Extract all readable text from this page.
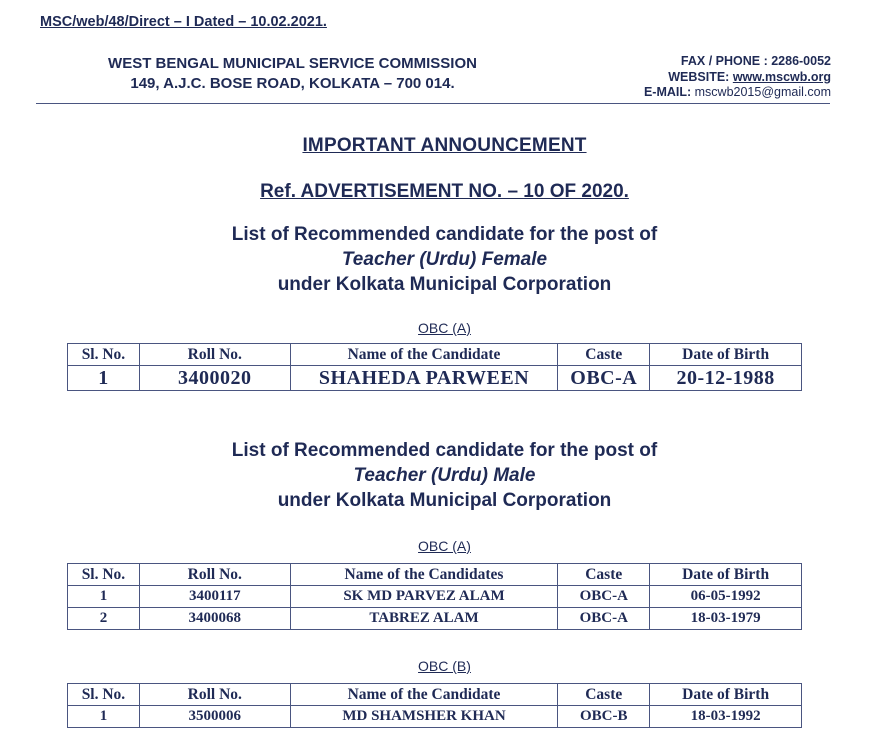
MSC/web/48/Direct – I Dated – 10.02.2021.
WEST BENGAL MUNICIPAL SERVICE COMMISSION
149, A.J.C. BOSE ROAD, KOLKATA – 700 014.
FAX / PHONE : 2286-0052
WEBSITE: www.mscwb.org
E-MAIL: mscwb2015@gmail.com
IMPORTANT ANNOUNCEMENT
Ref. ADVERTISEMENT NO. – 10 OF 2020.
List of Recommended candidate for the post of
Teacher (Urdu) Female
under Kolkata Municipal Corporation
OBC (A)
Sl. No.	Roll No.	Name of the Candidate	Caste	Date of Birth
1	3400020	SHAHEDA PARWEEN	OBC-A	20-12-1988
List of Recommended candidate for the post of
Teacher (Urdu) Male
under Kolkata Municipal Corporation
OBC (A)
Sl. No.	Roll No.	Name of the Candidates	Caste	Date of Birth
1	3400117	SK MD PARVEZ ALAM	OBC-A	06-05-1992
2	3400068	TABREZ ALAM	OBC-A	18-03-1979
OBC (B)
Sl. No.	Roll No.	Name of the Candidate	Caste	Date of Birth
1	3500006	MD SHAMSHER KHAN	OBC-B	18-03-1992
